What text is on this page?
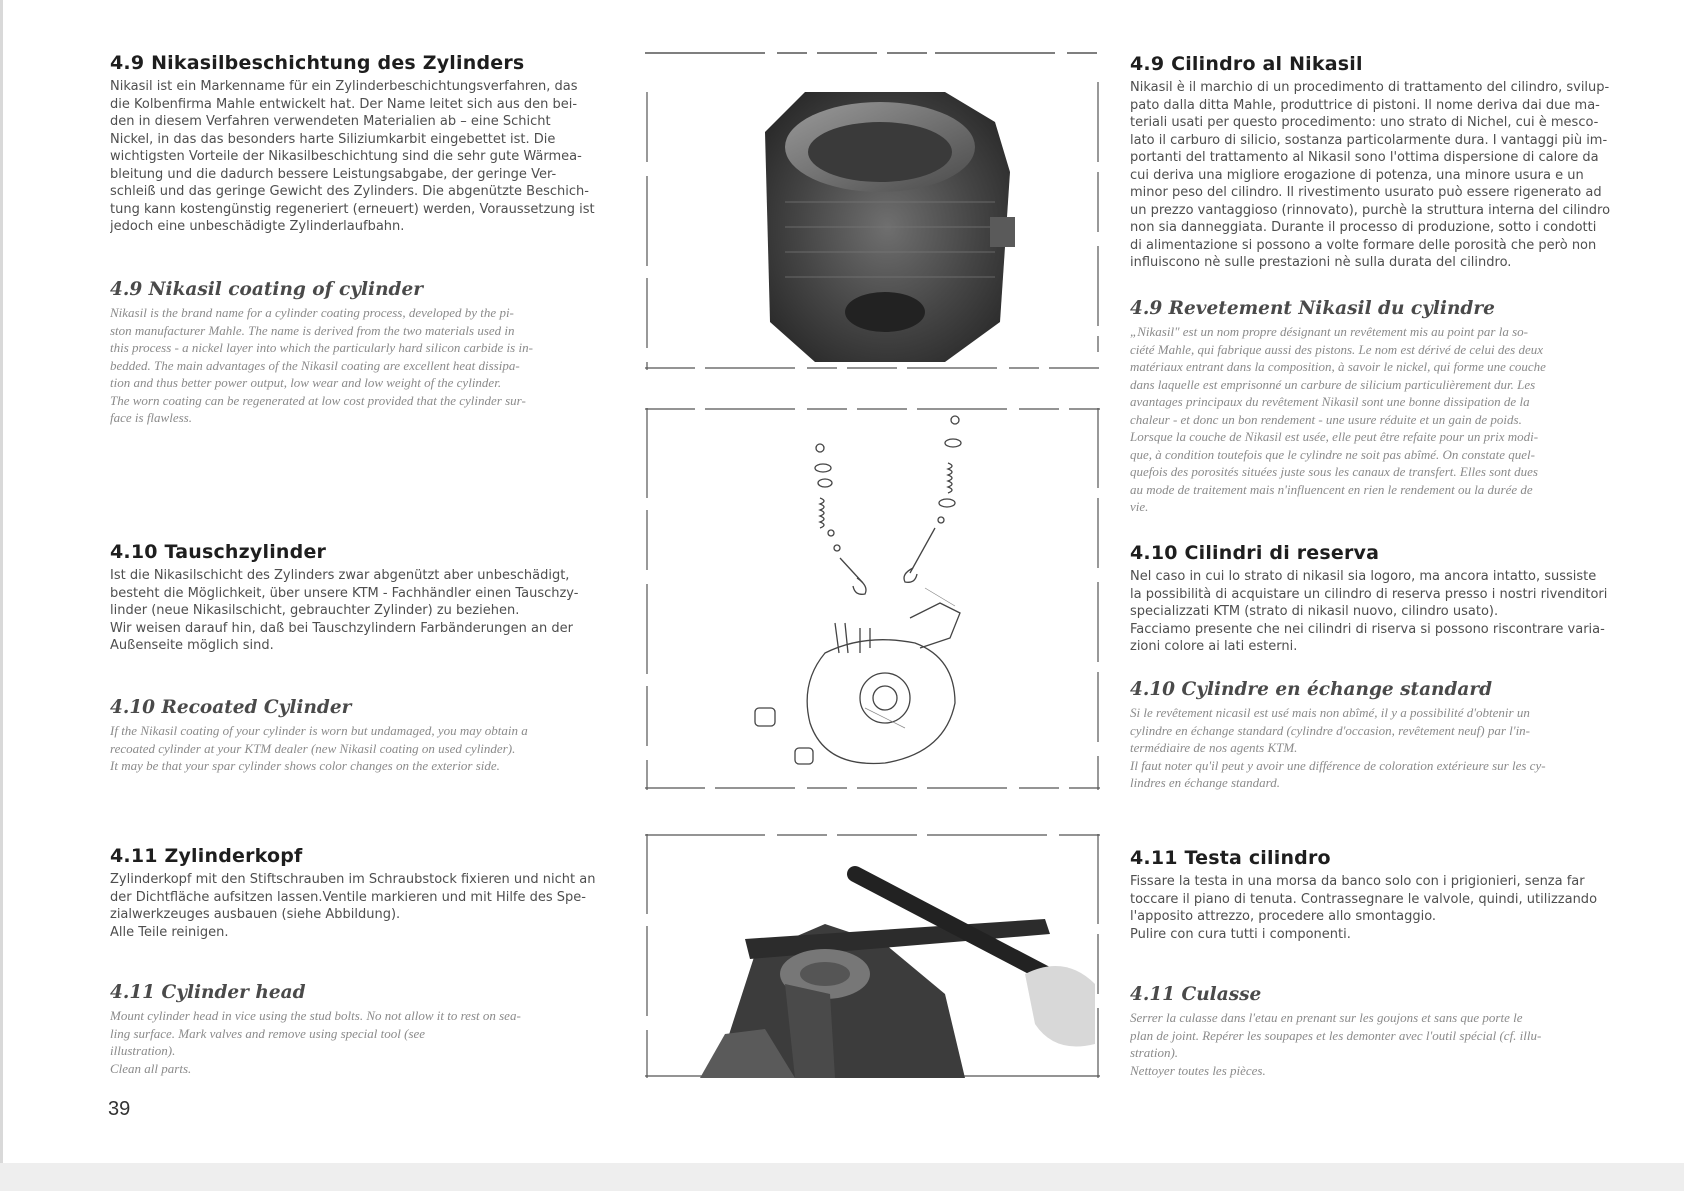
4.9 Nikasilbeschichtung des Zylinders

Nikasil ist ein Markenname für ein Zylinderbeschichtungsverfahren, das
die Kolbenfirma Mahle entwickelt hat. Der Name leitet sich aus den bei-
den in diesem Verfahren verwendeten Materialien ab – eine Schicht
Nickel, in das das besonders harte Siliziumkarbit eingebettet ist. Die
wichtigsten Vorteile der Nikasilbeschichtung sind die sehr gute Wärmea-
bleitung und die dadurch bessere Leistungsabgabe, der geringe Ver-
schleiß und das geringe Gewicht des Zylinders. Die abgenützte Beschich-
tung kann kostengünstig regeneriert (erneuert) werden, Voraussetzung ist
jedoch eine unbeschädigte Zylinderlaufbahn.

4.9 Nikasil coating of cylinder

Nikasil is the brand name for a cylinder coating process, developed by the pi-
ston manufacturer Mahle. The name is derived from the two materials used in
this process - a nickel layer into which the particularly hard silicon carbide is in-
bedded. The main advantages of the Nikasil coating are excellent heat dissipa-
tion and thus better power output, low wear and low weight of the cylinder.
The worn coating can be regenerated at low cost provided that the cylinder sur-
face is flawless.

4.10 Tauschzylinder

Ist die Nikasilschicht des Zylinders zwar abgenützt aber unbeschädigt,
besteht die Möglichkeit, über unsere KTM - Fachhändler einen Tauschzy-
linder (neue Nikasilschicht, gebrauchter Zylinder) zu beziehen.
Wir weisen darauf hin, daß bei Tauschzylindern Farbänderungen an der
Außenseite möglich sind.

4.10 Recoated Cylinder

If the Nikasil coating of your cylinder is worn but undamaged, you may obtain a
recoated cylinder at your KTM dealer (new Nikasil coating on used cylinder).
It may be that your spar cylinder shows color changes on the exterior side.

4.11 Zylinderkopf

Zylinderkopf mit den Stiftschrauben im Schraubstock fixieren und nicht an
der Dichtfläche aufsitzen lassen.Ventile markieren und mit Hilfe des Spe-
zialwerkzeuges ausbauen (siehe Abbildung).
Alle Teile reinigen.

4.11 Cylinder head

Mount cylinder head in vice using the stud bolts. No not allow it to rest on sea-
ling surface. Mark valves and remove using special tool (see
illustration).
Clean all parts.

39
4.9 Cilindro al Nikasil

Nikasil è il marchio di un procedimento di trattamento del cilindro, svilup-
pato dalla ditta Mahle, produttrice di pistoni. Il nome deriva dai due ma-
teriali usati per questo procedimento: uno strato di Nichel, cui è mesco-
lato il carburo di silicio, sostanza particolarmente dura. I vantaggi più im-
portanti del trattamento al Nikasil sono l'ottima dispersione di calore da
cui deriva una migliore erogazione di potenza, una minore usura e un
minor peso del cilindro. Il rivestimento usurato può essere rigenerato ad
un prezzo vantaggioso (rinnovato), purchè la struttura interna del cilindro
non sia danneggiata. Durante il processo di produzione, sotto i condotti
di alimentazione si possono a volte formare delle porosità che però non
influiscono nè sulle prestazioni nè sulla durata del cilindro.

4.9 Revetement Nikasil du cylindre

„Nikasil" est un nom propre désignant un revêtement mis au point par la so-
ciété Mahle, qui fabrique aussi des pistons. Le nom est dérivé de celui des deux
matériaux entrant dans la composition, à savoir le nickel, qui forme une couche
dans laquelle est emprisonné un carbure de silicium particulièrement dur. Les
avantages principaux du revêtement Nikasil sont une bonne dissipation de la
chaleur - et donc un bon rendement - une usure réduite et un gain de poids.
Lorsque la couche de Nikasil est usée, elle peut être refaite pour un prix modi-
que, à condition toutefois que le cylindre ne soit pas abîmé. On constate quel-
quefois des porosités situées juste sous les canaux de transfert. Elles sont dues
au mode de traitement mais n'influencent en rien le rendement ou la durée de
vie.

4.10 Cilindri di reserva

Nel caso in cui lo strato di nikasil sia logoro, ma ancora intatto, sussiste
la possibilità di acquistare un cilindro di reserva presso i nostri rivenditori
specializzati KTM (strato di nikasil nuovo, cilindro usato).
Facciamo presente che nei cilindri di riserva si possono riscontrare varia-
zioni colore ai lati esterni.

4.10 Cylindre en échange standard

Si le revêtement nicasil est usé mais non abîmé, il y a possibilité d'obtenir un
cylindre en échange standard (cylindre d'occasion, revêtement neuf) par l'in-
termédiaire de nos agents KTM.
Il faut noter qu'il peut y avoir une différence de coloration extérieure sur les cy-
lindres en échange standard.

4.11 Testa cilindro

Fissare la testa in una morsa da banco solo con i prigionieri, senza far
toccare il piano di tenuta. Contrassegnare le valvole, quindi, utilizzando
l'apposito attrezzo, procedere allo smontaggio.
Pulire con cura tutti i componenti.

4.11 Culasse

Serrer la culasse dans l'etau en prenant sur les goujons et sans que porte le
plan de joint. Repérer les soupapes et les demonter avec l'outil spécial (cf. illu-
stration).
Nettoyer toutes les pièces.
